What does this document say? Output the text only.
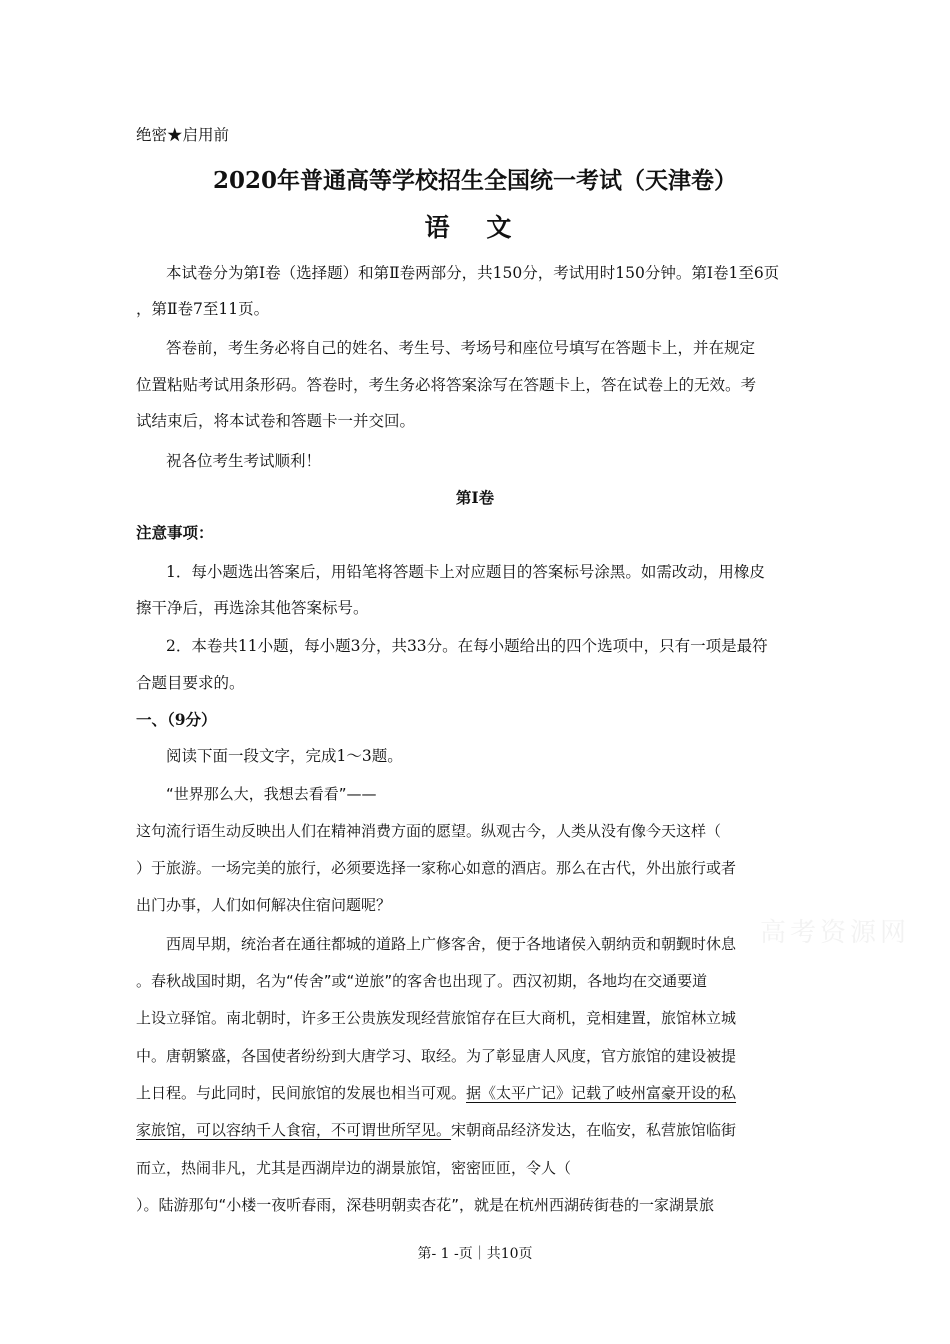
绝密★启用前
2020年普通高等学校招生全国统一考试（天津卷）
语 文
本试卷分为第Ⅰ卷（选择题）和第Ⅱ卷两部分，共150分，考试用时150分钟。第Ⅰ卷1至6页
，第Ⅱ卷7至11页。
答卷前，考生务必将自己的姓名、考生号、考场号和座位号填写在答题卡上，并在规定
位置粘贴考试用条形码。答卷时，考生务必将答案涂写在答题卡上，答在试卷上的无效。考
试结束后，将本试卷和答题卡一并交回。
祝各位考生考试顺利！
第Ⅰ卷
注意事项：
1．每小题选出答案后，用铅笔将答题卡上对应题目的答案标号涂黑。如需改动，用橡皮
擦干净后，再选涂其他答案标号。
2．本卷共11小题，每小题3分，共33分。在每小题给出的四个选项中，只有一项是最符
合题目要求的。
一、（9分）
阅读下面一段文字，完成1～3题。
“世界那么大，我想去看看”——
这句流行语生动反映出人们在精神消费方面的愿望。纵观古今，人类从没有像今天这样（
）于旅游。一场完美的旅行，必须要选择一家称心如意的酒店。那么在古代，外出旅行或者
出门办事，人们如何解决住宿问题呢？
西周早期，统治者在通往都城的道路上广修客舍，便于各地诸侯入朝纳贡和朝觐时休息
。春秋战国时期，名为“传舍”或“逆旅”的客舍也出现了。西汉初期，各地均在交通要道
上设立驿馆。南北朝时，许多王公贵族发现经营旅馆存在巨大商机，竞相建置，旅馆林立城
中。唐朝繁盛，各国使者纷纷到大唐学习、取经。为了彰显唐人风度，官方旅馆的建设被提
上日程。与此同时，民间旅馆的发展也相当可观。据《太平广记》记载了岐州富豪开设的私
家旅馆，可以容纳千人食宿，不可谓世所罕见。宋朝商品经济发达，在临安，私营旅馆临街
而立，热闹非凡，尤其是西湖岸边的湖景旅馆，密密匝匝，令人（
）。陆游那句“小楼一夜听春雨，深巷明朝卖杏花”，就是在杭州西湖砖街巷的一家湖景旅
高考资源网
第- 1 -页｜共10页
